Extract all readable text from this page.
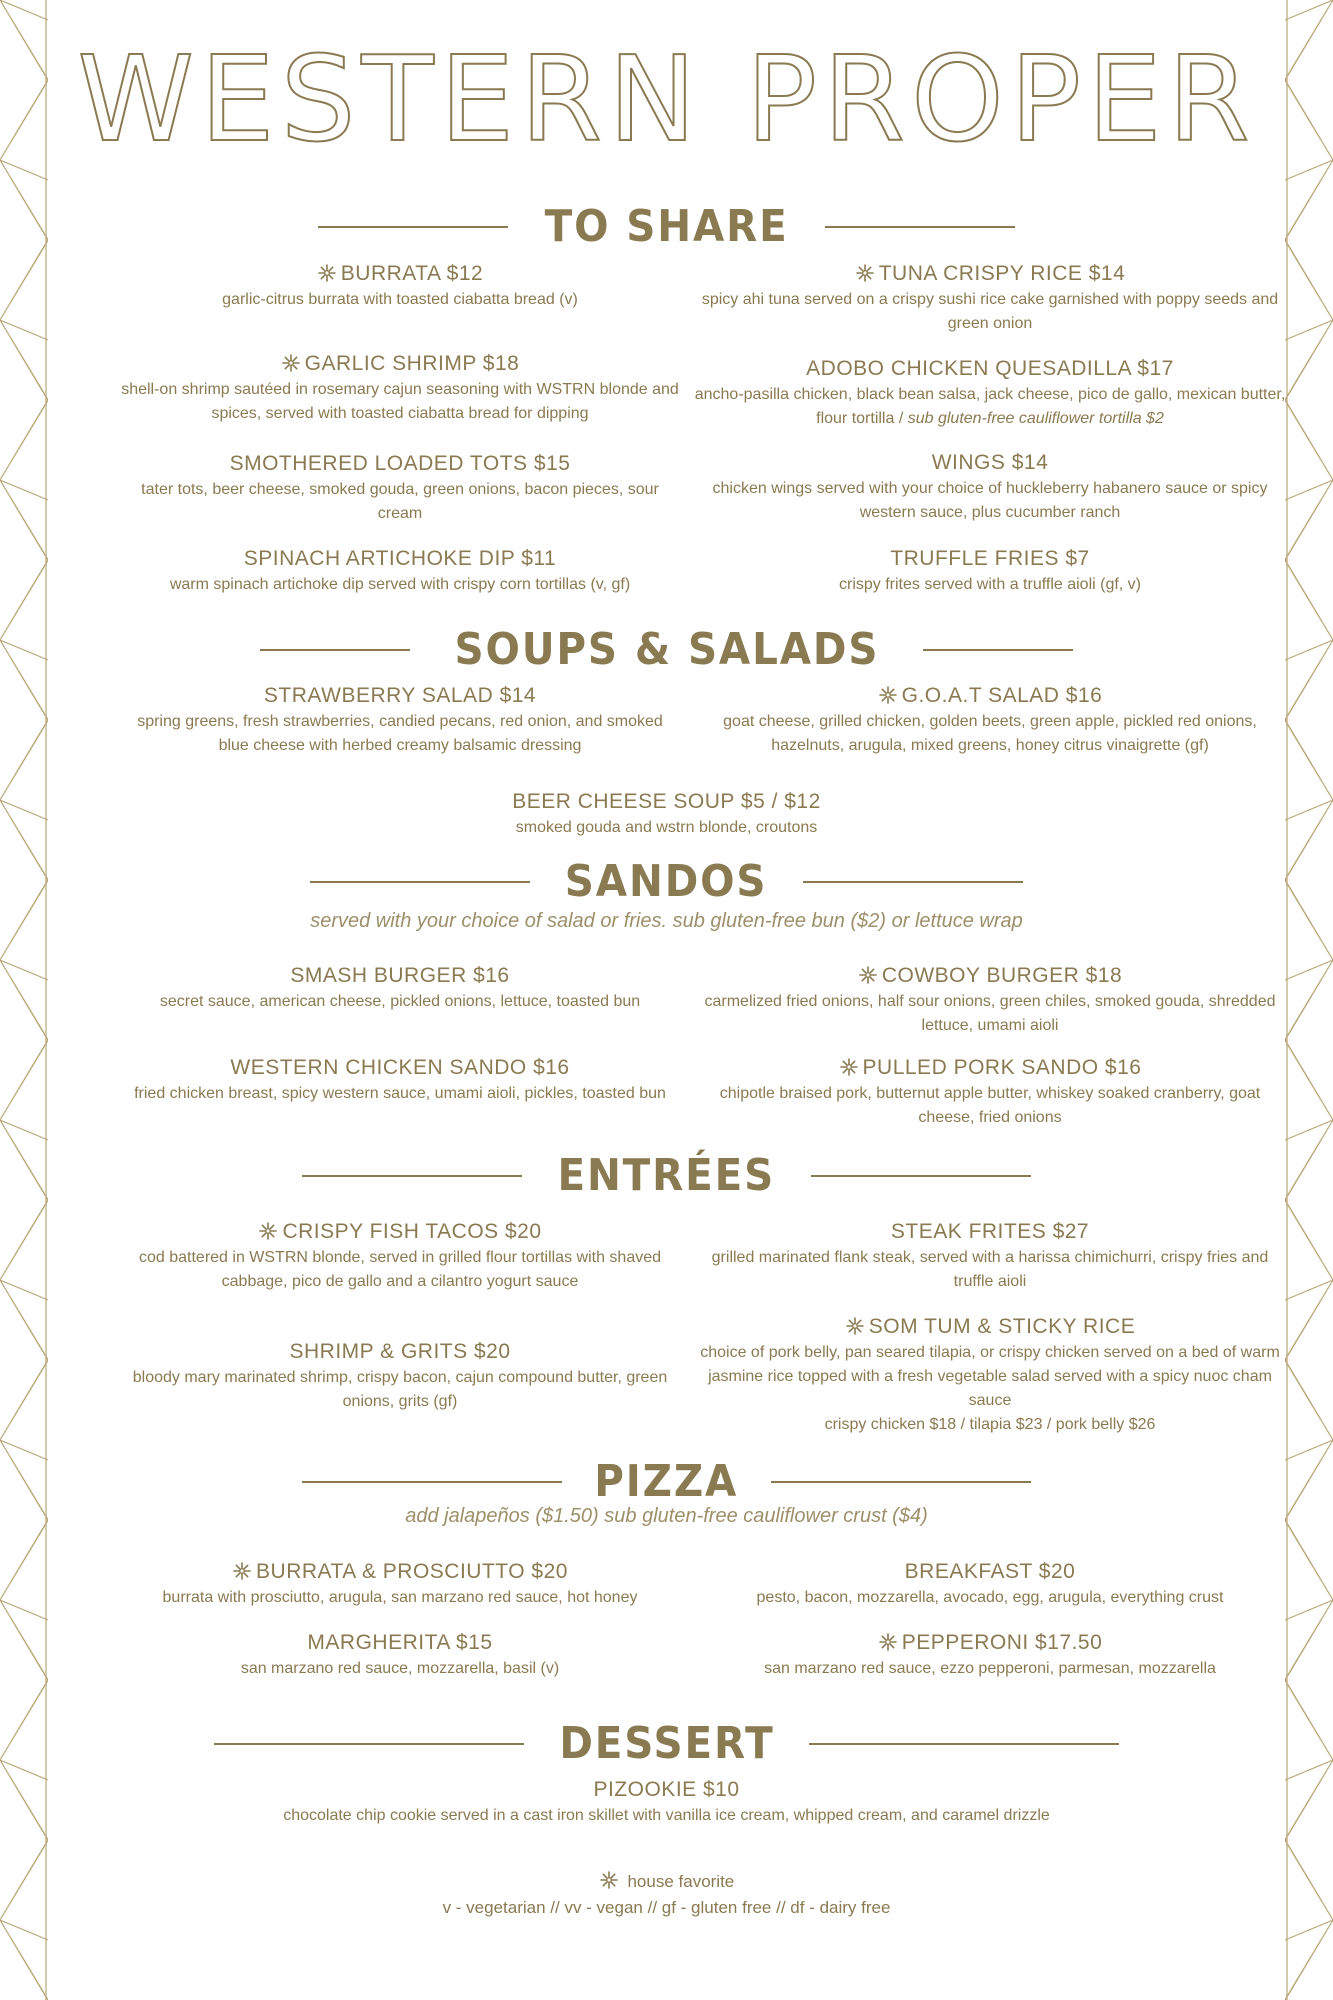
WESTERN PROPER
TO SHARE
BURRATA $12
garlic-citrus burrata with toasted ciabatta bread (v)
TUNA CRISPY RICE $14
spicy ahi tuna served on a crispy sushi rice cake garnished with poppy seeds and green onion
GARLIC SHRIMP $18
shell-on shrimp sautéed in rosemary cajun seasoning with WSTRN blonde and spices, served with toasted ciabatta bread for dipping
ADOBO CHICKEN QUESADILLA $17
ancho-pasilla chicken, black bean salsa, jack cheese, pico de gallo, mexican butter, flour tortilla / sub gluten-free cauliflower tortilla $2
SMOTHERED LOADED TOTS $15
tater tots, beer cheese, smoked gouda, green onions, bacon pieces, sour cream
WINGS $14
chicken wings served with your choice of huckleberry habanero sauce or spicy western sauce, plus cucumber ranch
SPINACH ARTICHOKE DIP $11
warm spinach artichoke dip served with crispy corn tortillas (v, gf)
TRUFFLE FRIES $7
crispy frites served with a truffle aioli (gf, v)
SOUPS & SALADS
STRAWBERRY SALAD $14
spring greens, fresh strawberries, candied pecans, red onion, and smoked blue cheese with herbed creamy balsamic dressing
G.O.A.T SALAD $16
goat cheese, grilled chicken, golden beets, green apple, pickled red onions, hazelnuts, arugula, mixed greens, honey citrus vinaigrette (gf)
BEER CHEESE SOUP $5 / $12
smoked gouda and wstrn blonde, croutons
SANDOS
served with your choice of salad or fries. sub gluten-free bun ($2) or lettuce wrap
SMASH BURGER $16
secret sauce, american cheese, pickled onions, lettuce, toasted bun
COWBOY BURGER $18
carmelized fried onions, half sour onions, green chiles, smoked gouda, shredded lettuce, umami aioli
WESTERN CHICKEN SANDO $16
fried chicken breast, spicy western sauce, umami aioli, pickles, toasted bun
PULLED PORK SANDO $16
chipotle braised pork, butternut apple butter, whiskey soaked cranberry, goat cheese, fried onions
ENTRÉES
CRISPY FISH TACOS $20
cod battered in WSTRN blonde, served in grilled flour tortillas with shaved cabbage, pico de gallo and a cilantro yogurt sauce
STEAK FRITES $27
grilled marinated flank steak, served with a harissa chimichurri, crispy fries and truffle aioli
SHRIMP & GRITS $20
bloody mary marinated shrimp, crispy bacon, cajun compound butter, green onions, grits (gf)
SOM TUM & STICKY RICE
choice of pork belly, pan seared tilapia, or crispy chicken served on a bed of warm jasmine rice topped with a fresh vegetable salad served with a spicy nuoc cham sauce
crispy chicken $18 / tilapia $23 / pork belly $26
PIZZA
add jalapeños ($1.50) sub gluten-free cauliflower crust ($4)
BURRATA & PROSCIUTTO $20
burrata with prosciutto, arugula, san marzano red sauce, hot honey
BREAKFAST $20
pesto, bacon, mozzarella, avocado, egg, arugula, everything crust
MARGHERITA $15
san marzano red sauce, mozzarella, basil (v)
PEPPERONI $17.50
san marzano red sauce, ezzo pepperoni, parmesan, mozzarella
DESSERT
PIZOOKIE $10
chocolate chip cookie served in a cast iron skillet with vanilla ice cream, whipped cream, and caramel drizzle
house favorite
v - vegetarian // vv - vegan // gf - gluten free // df - dairy free
